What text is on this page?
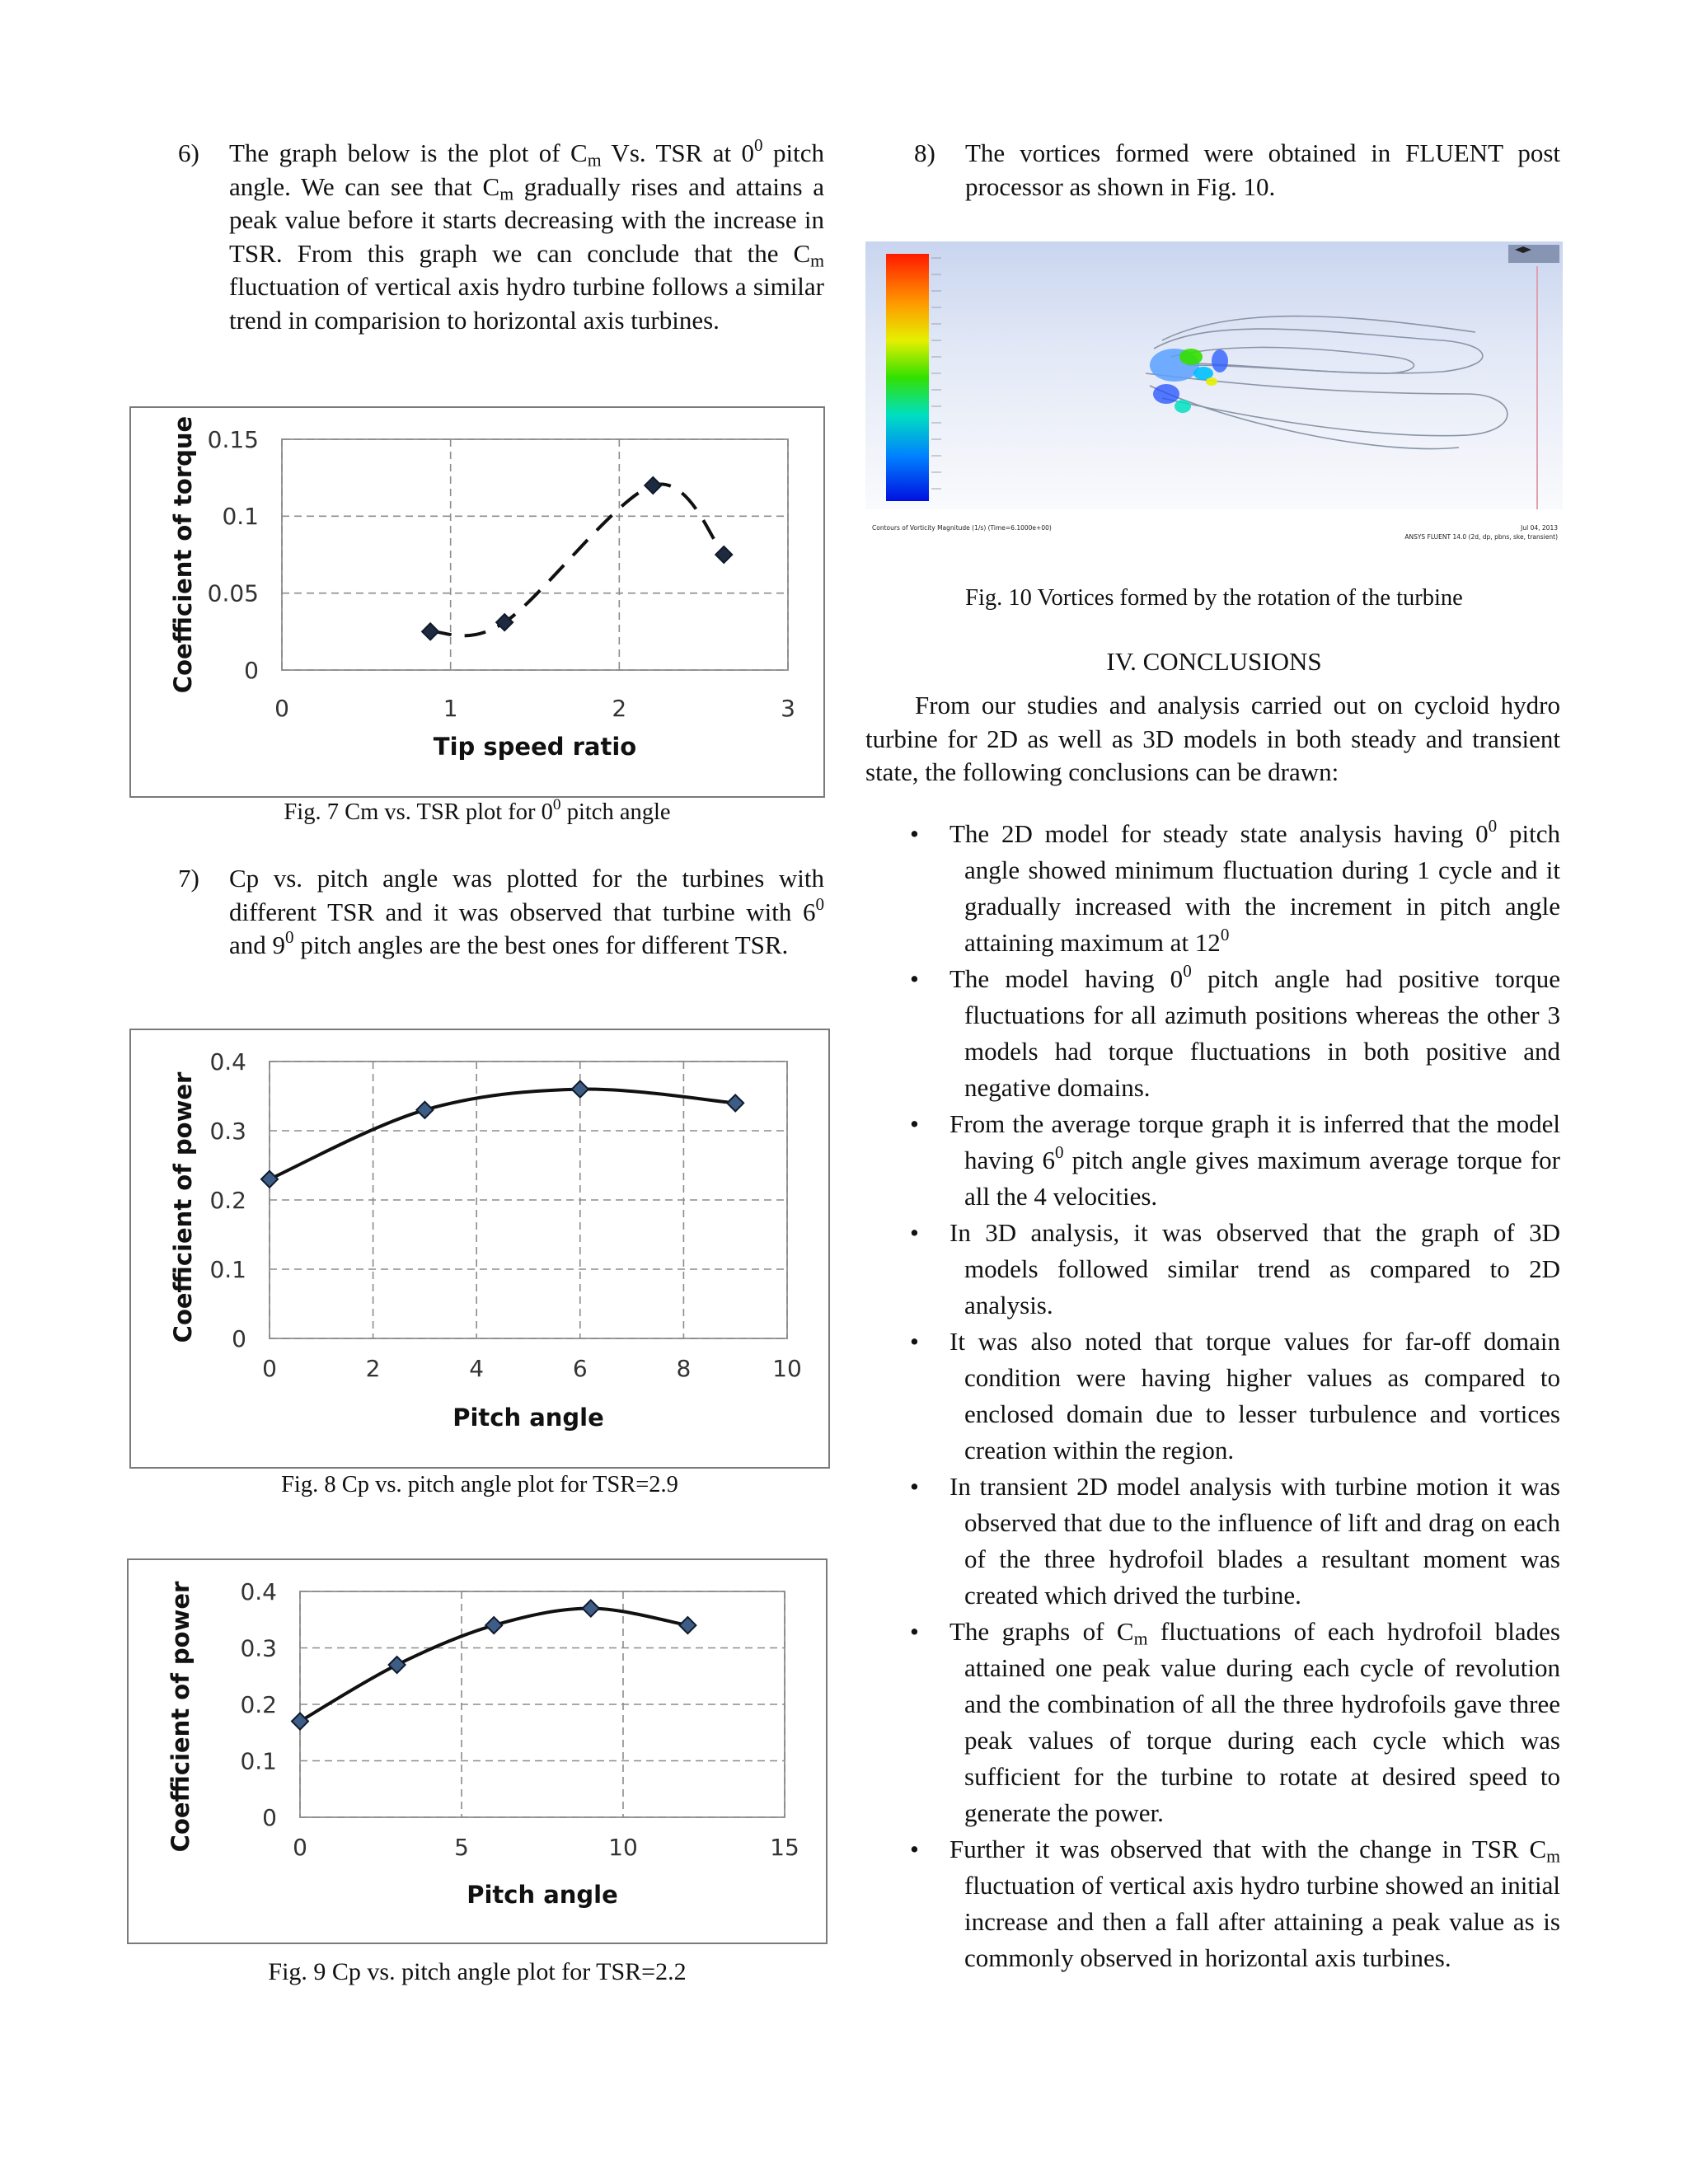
6) The graph below is the plot of $C_m$ Vs. TSR at $0^0$ pitch angle. We can see that $C_m$ gradually rises and attains a peak value before it starts decreasing with the increase in TSR. From this graph we can conclude that the $C_m$ fluctuation of vertical axis hydro turbine follows a similar trend in comparision to horizontal axis turbines.

Tip speed ratio
Coefficient of torque 0
0.05
0.1
0.15
0	1	2	3
Fig. 7 Cm vs. TSR plot for $0^0$ pitch angle

7) Cp vs. pitch angle was plotted for the turbines with different TSR and it was observed that turbine with $6^0$ and $9^0$ pitch angles are the best ones for different TSR.

Pitch angle
Coefficient of power 0
0.1
0.2
0.3
0.4
0	2	4	6	8	10
Fig. 8 Cp vs. pitch angle plot for TSR=2.9
Pitch angle
Coefficient of power	0
0.1
0.2
0.3
0.4
0	5	10	15
Fig. 9 Cp vs. pitch angle plot for TSR=2.2

8) The vortices formed were obtained in FLUENT post processor as shown in Fig. 10.

Contours of Vorticity Magnitude (1/s) (Time=6.1000e+00)	Jul 04, 2013
ANSYS FLUENT 14.0 (2d, dp, pbns, ske, transient)
Fig. 10 Vortices formed by the rotation of the turbine
IV. CONCLUSIONS

From our studies and analysis carried out on cycloid hydro turbine for 2D as well as 3D models in both steady and transient state, the following conclusions can be drawn:

• The 2D model for steady state analysis having $0^0$ pitch angle showed minimum fluctuation during 1 cycle and it gradually increased with the increment in pitch angle attaining maximum at $12^0$
• The model having $0^0$ pitch angle had positive torque fluctuations for all azimuth positions whereas the other 3 models had torque fluctuations in both positive and negative domains.
• From the average torque graph it is inferred that the model having $6^0$ pitch angle gives maximum average torque for all the 4 velocities.
• In 3D analysis, it was observed that the graph of 3D models followed similar trend as compared to 2D analysis.
• It was also noted that torque values for far-off domain condition were having higher values as compared to enclosed domain due to lesser turbulence and vortices creation within the region.
• In transient 2D model analysis with turbine motion it was observed that due to the influence of lift and drag on each of the three hydrofoil blades a resultant moment was created which drived the turbine.
• The graphs of $C_m$ fluctuations of each hydrofoil blades attained one peak value during each cycle of revolution and the combination of all the three hydrofoils gave three peak values of torque during each cycle which was sufficient for the turbine to rotate at desired speed to generate the power.
• Further it was observed that with the change in TSR $C_m$ fluctuation of vertical axis hydro turbine showed an initial increase and then a fall after attaining a peak value as is commonly observed in horizontal axis turbines.
